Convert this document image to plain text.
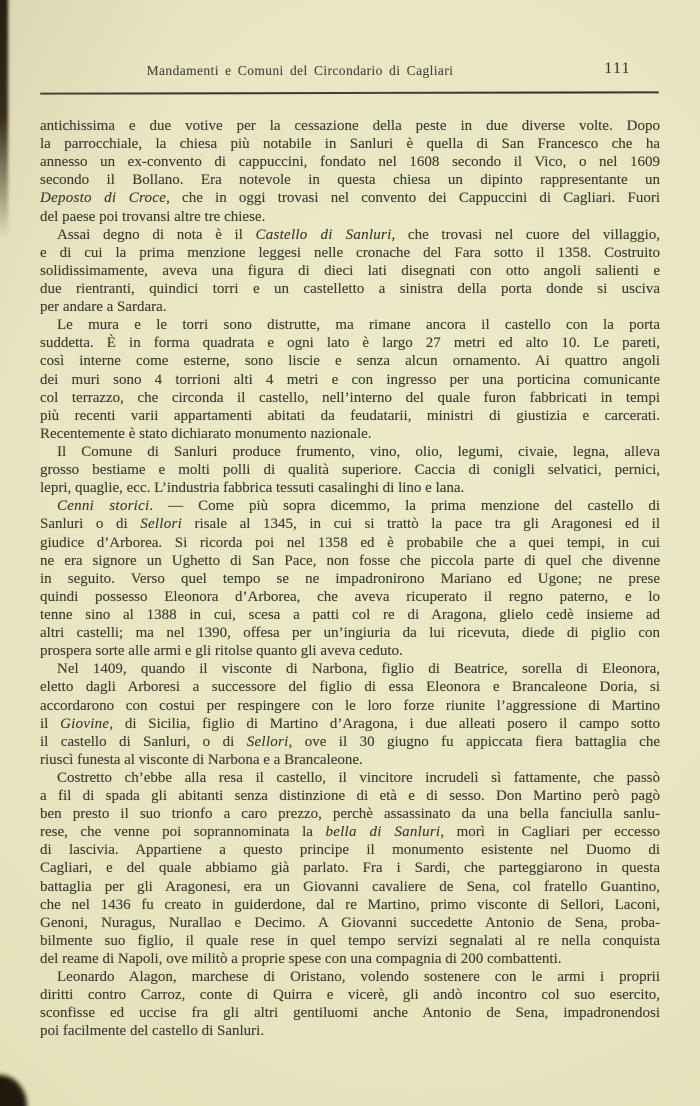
Mandamenti e Comuni del Circondario di Cagliari	111
antichissima e due votive per la cessazione della peste in due diverse volte. Dopo
la parrocchiale, la chiesa più notabile in Sanluri è quella di San Francesco che ha
annesso un ex-convento di cappuccini, fondato nel 1608 secondo il Vico, o nel 1609
secondo il Bollano. Era notevole in questa chiesa un dipinto rappresentante un
Deposto di Croce, che in oggi trovasi nel convento dei Cappuccini di Cagliari. Fuori
del paese poi trovansi altre tre chiese.
Assai degno di nota è il Castello di Sanluri, che trovasi nel cuore del villaggio,
e di cui la prima menzione leggesi nelle cronache del Fara sotto il 1358. Costruito
solidissimamente, aveva una figura di dieci lati disegnati con otto angoli salienti e
due rientranti, quindici torri e un castelletto a sinistra della porta donde si usciva
per andare a Sardara.
Le mura e le torri sono distrutte, ma rimane ancora il castello con la porta
suddetta. È in forma quadrata e ogni lato è largo 27 metri ed alto 10. Le pareti,
così interne come esterne, sono liscie e senza alcun ornamento. Ai quattro angoli
dei muri sono 4 torrioni alti 4 metri e con ingresso per una porticina comunicante
col terrazzo, che circonda il castello, nell’interno del quale furon fabbricati in tempi
più recenti varii appartamenti abitati da feudatarii, ministri di giustizia e carcerati.
Recentemente è stato dichiarato monumento nazionale.
Il Comune di Sanluri produce frumento, vino, olio, legumi, civaie, legna, alleva
grosso bestiame e molti polli di qualità superiore. Caccia di conigli selvatici, pernici,
lepri, quaglie, ecc. L’industria fabbrica tessuti casalinghi di lino e lana.
Cenni storici. — Come più sopra dicemmo, la prima menzione del castello di
Sanluri o di Sellori risale al 1345, in cui si trattò la pace tra gli Aragonesi ed il
giudice d’Arborea. Si ricorda poi nel 1358 ed è probabile che a quei tempi, in cui
ne era signore un Ughetto di San Pace, non fosse che piccola parte di quel che divenne
in seguito. Verso quel tempo se ne impadronirono Mariano ed Ugone; ne prese
quindi possesso Eleonora d’Arborea, che aveva ricuperato il regno paterno, e lo
tenne sino al 1388 in cui, scesa a patti col re di Aragona, glielo cedè insieme ad
altri castelli; ma nel 1390, offesa per un’ingiuria da lui ricevuta, diede di piglio con
prospera sorte alle armi e gli ritolse quanto gli aveva ceduto.
Nel 1409, quando il visconte di Narbona, figlio di Beatrice, sorella di Eleonora,
eletto dagli Arboresi a successore del figlio di essa Eleonora e Brancaleone Doria, si
accordarono con costui per respingere con le loro forze riunite l’aggressione di Martino
il Giovine, di Sicilia, figlio di Martino d’Aragona, i due alleati posero il campo sotto
il castello di Sanluri, o di Sellori, ove il 30 giugno fu appiccata fiera battaglia che
riuscì funesta al visconte di Narbona e a Brancaleone.
Costretto ch’ebbe alla resa il castello, il vincitore incrudelì sì fattamente, che passò
a fil di spada gli abitanti senza distinzione di età e di sesso. Don Martino però pagò
ben presto il suo trionfo a caro prezzo, perchè assassinato da una bella fanciulla sanlu-
rese, che venne poi soprannominata la bella di Sanluri, morì in Cagliari per eccesso
di lascivia. Appartiene a questo principe il monumento esistente nel Duomo di
Cagliari, e del quale abbiamo già parlato. Fra i Sardi, che parteggiarono in questa
battaglia per gli Aragonesi, era un Giovanni cavaliere de Sena, col fratello Guantino,
che nel 1436 fu creato in guiderdone, dal re Martino, primo visconte di Sellori, Laconi,
Genoni, Nuragus, Nurallao e Decimo. A Giovanni succedette Antonio de Sena, proba-
bilmente suo figlio, il quale rese in quel tempo servizi segnalati al re nella conquista
del reame di Napoli, ove militò a proprie spese con una compagnia di 200 combattenti.
Leonardo Alagon, marchese di Oristano, volendo sostenere con le armi i proprii
diritti contro Carroz, conte di Quirra e vicerè, gli andò incontro col suo esercito,
sconfisse ed uccise fra gli altri gentiluomi anche Antonio de Sena, impadronendosi
poi facilmente del castello di Sanluri.
